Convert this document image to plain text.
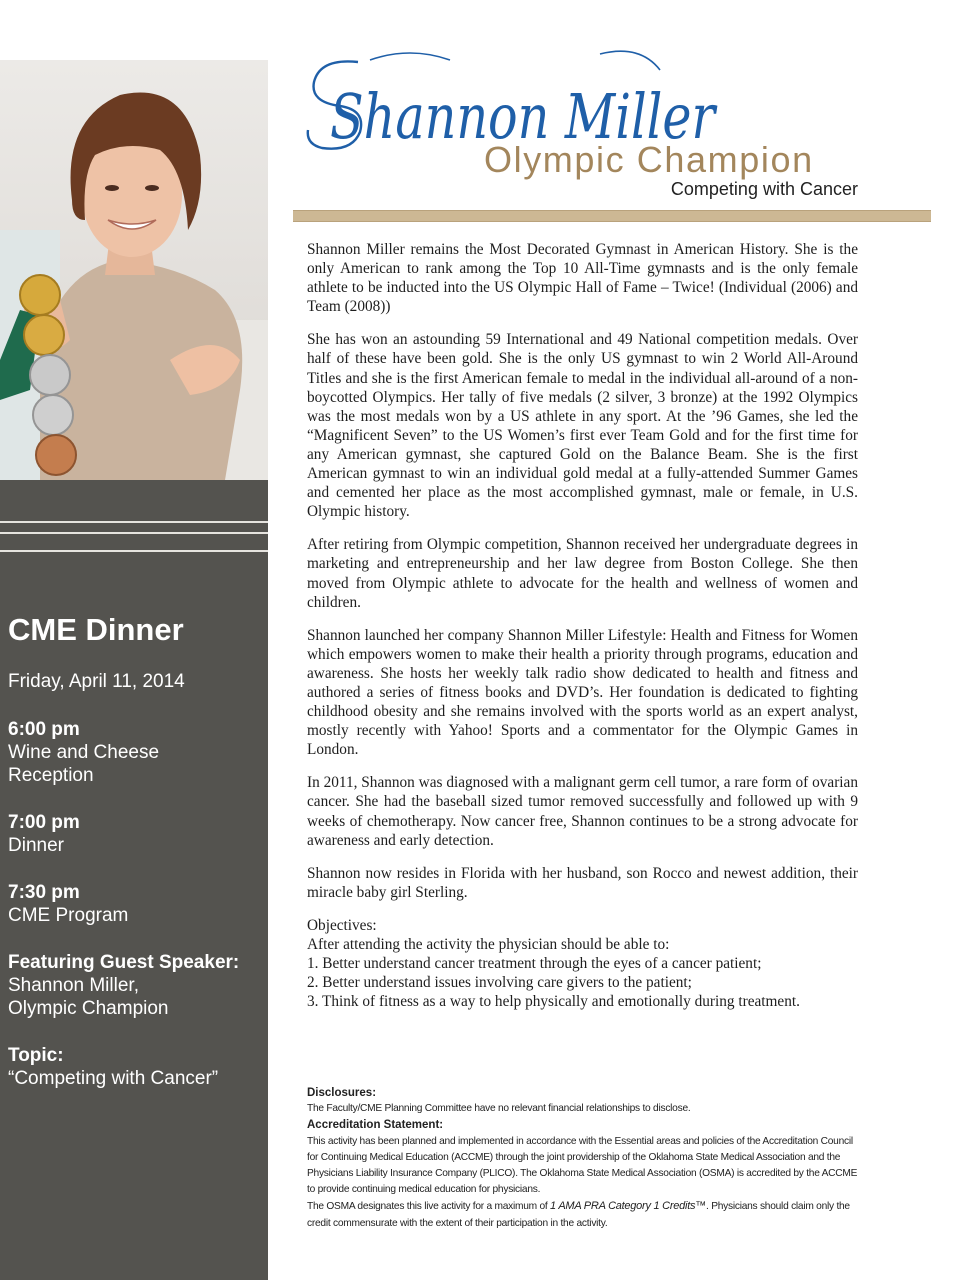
CME Dinner
Friday, April 11, 2014
6:00 pm
Wine and Cheese
Reception
7:00 pm
Dinner
7:30 pm
CME Program
Featuring Guest Speaker:
Shannon Miller,
Olympic Champion
Topic:
“Competing with Cancer”
Shannon Miller
Olympic Champion
Competing with Cancer

Shannon Miller remains the Most Decorated Gymnast in American History. She is the only American to rank among the Top 10 All-Time gymnasts and is the only female athlete to be inducted into the US Olympic Hall of Fame – Twice! (Individual (2006) and Team (2008))

She has won an astounding 59 International and 49 National competition medals. Over half of these have been gold. She is the only US gymnast to win 2 World All-Around Titles and she is the first American female to medal in the individual all-around of a non-boycotted Olympics. Her tally of five medals (2 silver, 3 bronze) at the 1992 Olympics was the most medals won by a US athlete in any sport. At the ’96 Games, she led the “Magnificent Seven” to the US Women’s first ever Team Gold and for the first time for any American gymnast, she captured Gold on the Balance Beam. She is the first American gymnast to win an individual gold medal at a fully-attended Summer Games and cemented her place as the most accomplished gymnast, male or female, in U.S. Olympic history.

After retiring from Olympic competition, Shannon received her undergraduate degrees in marketing and entrepreneurship and her law degree from Boston College. She then moved from Olympic athlete to advocate for the health and wellness of women and children.

Shannon launched her company Shannon Miller Lifestyle: Health and Fitness for Women which empowers women to make their health a priority through programs, education and awareness. She hosts her weekly talk radio show dedicated to health and fitness and authored a series of fitness books and DVD’s. Her foundation is dedicated to fighting childhood obesity and she remains involved with the sports world as an expert analyst, mostly recently with Yahoo! Sports and a commentator for the Olympic Games in London.

In 2011, Shannon was diagnosed with a malignant germ cell tumor, a rare form of ovarian cancer. She had the baseball sized tumor removed successfully and followed up with 9 weeks of chemotherapy. Now cancer free, Shannon continues to be a strong advocate for awareness and early detection.

Shannon now resides in Florida with her husband, son Rocco and newest addition, their miracle baby girl Sterling.

Objectives:
After attending the activity the physician should be able to:
1. Better understand cancer treatment through the eyes of a cancer patient;
2. Better understand issues involving care givers to the patient;
3. Think of fitness as a way to help physically and emotionally during treatment.
Disclosures:
The Faculty/CME Planning Committee have no relevant financial relationships to disclose.
Accreditation Statement:
This activity has been planned and implemented in accordance with the Essential areas and policies of the Accreditation Council for Continuing Medical Education (ACCME) through the joint providership of the Oklahoma State Medical Association and the Physicians Liability Insurance Company (PLICO). The Oklahoma State Medical Association (OSMA) is accredited by the ACCME to provide continuing medical education for physicians.
The OSMA designates this live activity for a maximum of 1 AMA PRA Category 1 Credits™. Physicians should claim only the credit commensurate with the extent of their participation in the activity.
